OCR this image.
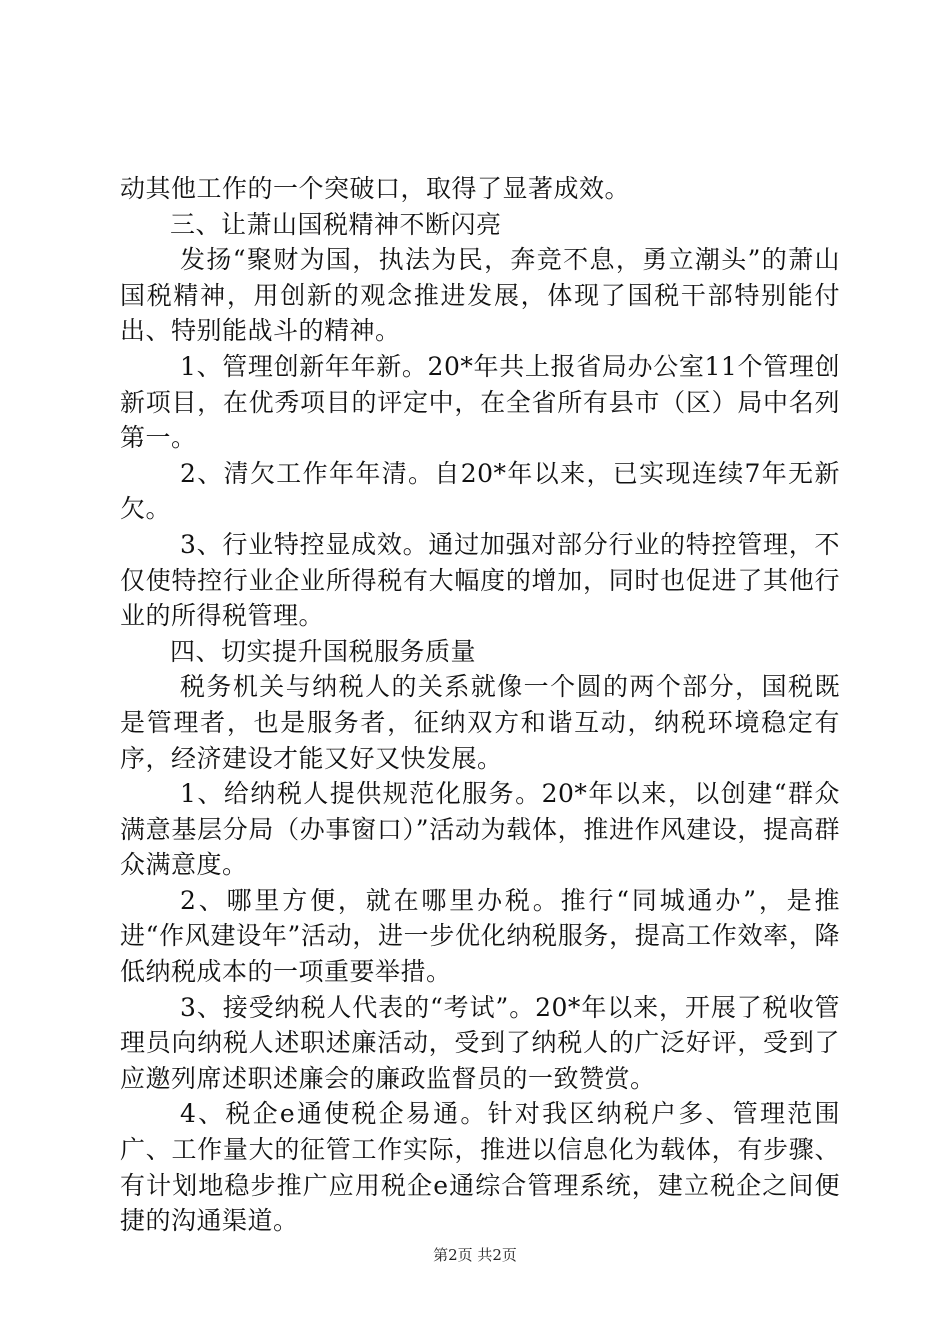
动其他工作的一个突破口，取得了显著成效。

三、让萧山国税精神不断闪亮

发扬“聚财为国，执法为民，奔竞不息，勇立潮头”的萧山国税精神，用创新的观念推进发展，体现了国税干部特别能付出、特别能战斗的精神。

1、管理创新年年新。20*年共上报省局办公室11个管理创新项目，在优秀项目的评定中，在全省所有县市（区）局中名列第一。

2、清欠工作年年清。自20*年以来，已实现连续7年无新欠。

3、行业特控显成效。通过加强对部分行业的特控管理，不仅使特控行业企业所得税有大幅度的增加，同时也促进了其他行业的所得税管理。

四、切实提升国税服务质量

税务机关与纳税人的关系就像一个圆的两个部分，国税既是管理者，也是服务者，征纳双方和谐互动，纳税环境稳定有序，经济建设才能又好又快发展。

1、给纳税人提供规范化服务。20*年以来，以创建“群众满意基层分局（办事窗口）”活动为载体，推进作风建设，提高群众满意度。

2、哪里方便，就在哪里办税。推行“同城通办”，是推进“作风建设年”活动，进一步优化纳税服务，提高工作效率，降低纳税成本的一项重要举措。

3、接受纳税人代表的“考试”。20*年以来，开展了税收管理员向纳税人述职述廉活动，受到了纳税人的广泛好评，受到了应邀列席述职述廉会的廉政监督员的一致赞赏。

4、税企e通使税企易通。针对我区纳税户多、管理范围广、工作量大的征管工作实际，推进以信息化为载体，有步骤、有计划地稳步推广应用税企e通综合管理系统，建立税企之间便捷的沟通渠道。

第2页 共2页
